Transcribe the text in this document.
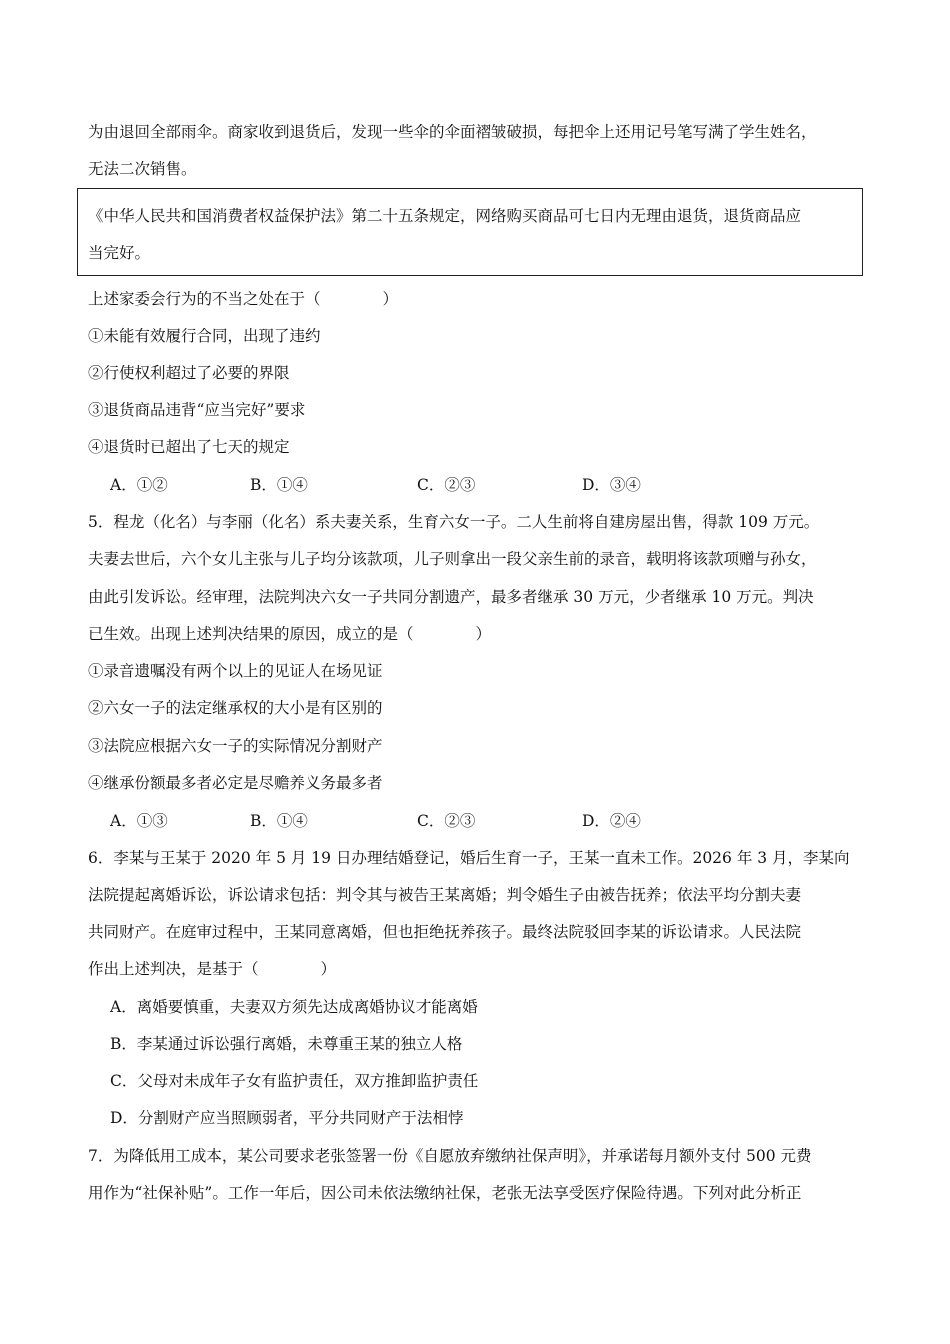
为由退回全部雨伞。商家收到退货后，发现一些伞的伞面褶皱破损，每把伞上还用记号笔写满了学生姓名，
无法二次销售。
《中华人民共和国消费者权益保护法》第二十五条规定，网络购买商品可七日内无理由退货，退货商品应
当完好。
上述家委会行为的不当之处在于（　　　　）
①未能有效履行合同，出现了违约
②行使权利超过了必要的界限
③退货商品违背“应当完好”要求
④退货时已超出了七天的规定
A．①②	B．①④	C．②③	D．③④
5．程龙（化名）与李丽（化名）系夫妻关系，生育六女一子。二人生前将自建房屋出售，得款 109 万元。
夫妻去世后，六个女儿主张与儿子均分该款项，儿子则拿出一段父亲生前的录音，载明将该款项赠与孙女，
由此引发诉讼。经审理，法院判决六女一子共同分割遗产，最多者继承 30 万元，少者继承 10 万元。判决
已生效。出现上述判决结果的原因，成立的是（　　　　）
①录音遗嘱没有两个以上的见证人在场见证
②六女一子的法定继承权的大小是有区别的
③法院应根据六女一子的实际情况分割财产
④继承份额最多者必定是尽赡养义务最多者
A．①③	B．①④	C．②③	D．②④
6．李某与王某于 2020 年 5 月 19 日办理结婚登记，婚后生育一子，王某一直未工作。2026 年 3 月，李某向
法院提起离婚诉讼，诉讼请求包括：判令其与被告王某离婚；判令婚生子由被告抚养；依法平均分割夫妻
共同财产。在庭审过程中，王某同意离婚，但也拒绝抚养孩子。最终法院驳回李某的诉讼请求。人民法院
作出上述判决，是基于（　　　　）
A．离婚要慎重，夫妻双方须先达成离婚协议才能离婚
B．李某通过诉讼强行离婚，未尊重王某的独立人格
C．父母对未成年子女有监护责任，双方推卸监护责任
D．分割财产应当照顾弱者，平分共同财产于法相悖
7．为降低用工成本，某公司要求老张签署一份《自愿放弃缴纳社保声明》，并承诺每月额外支付 500 元费
用作为“社保补贴”。工作一年后，因公司未依法缴纳社保，老张无法享受医疗保险待遇。下列对此分析正
